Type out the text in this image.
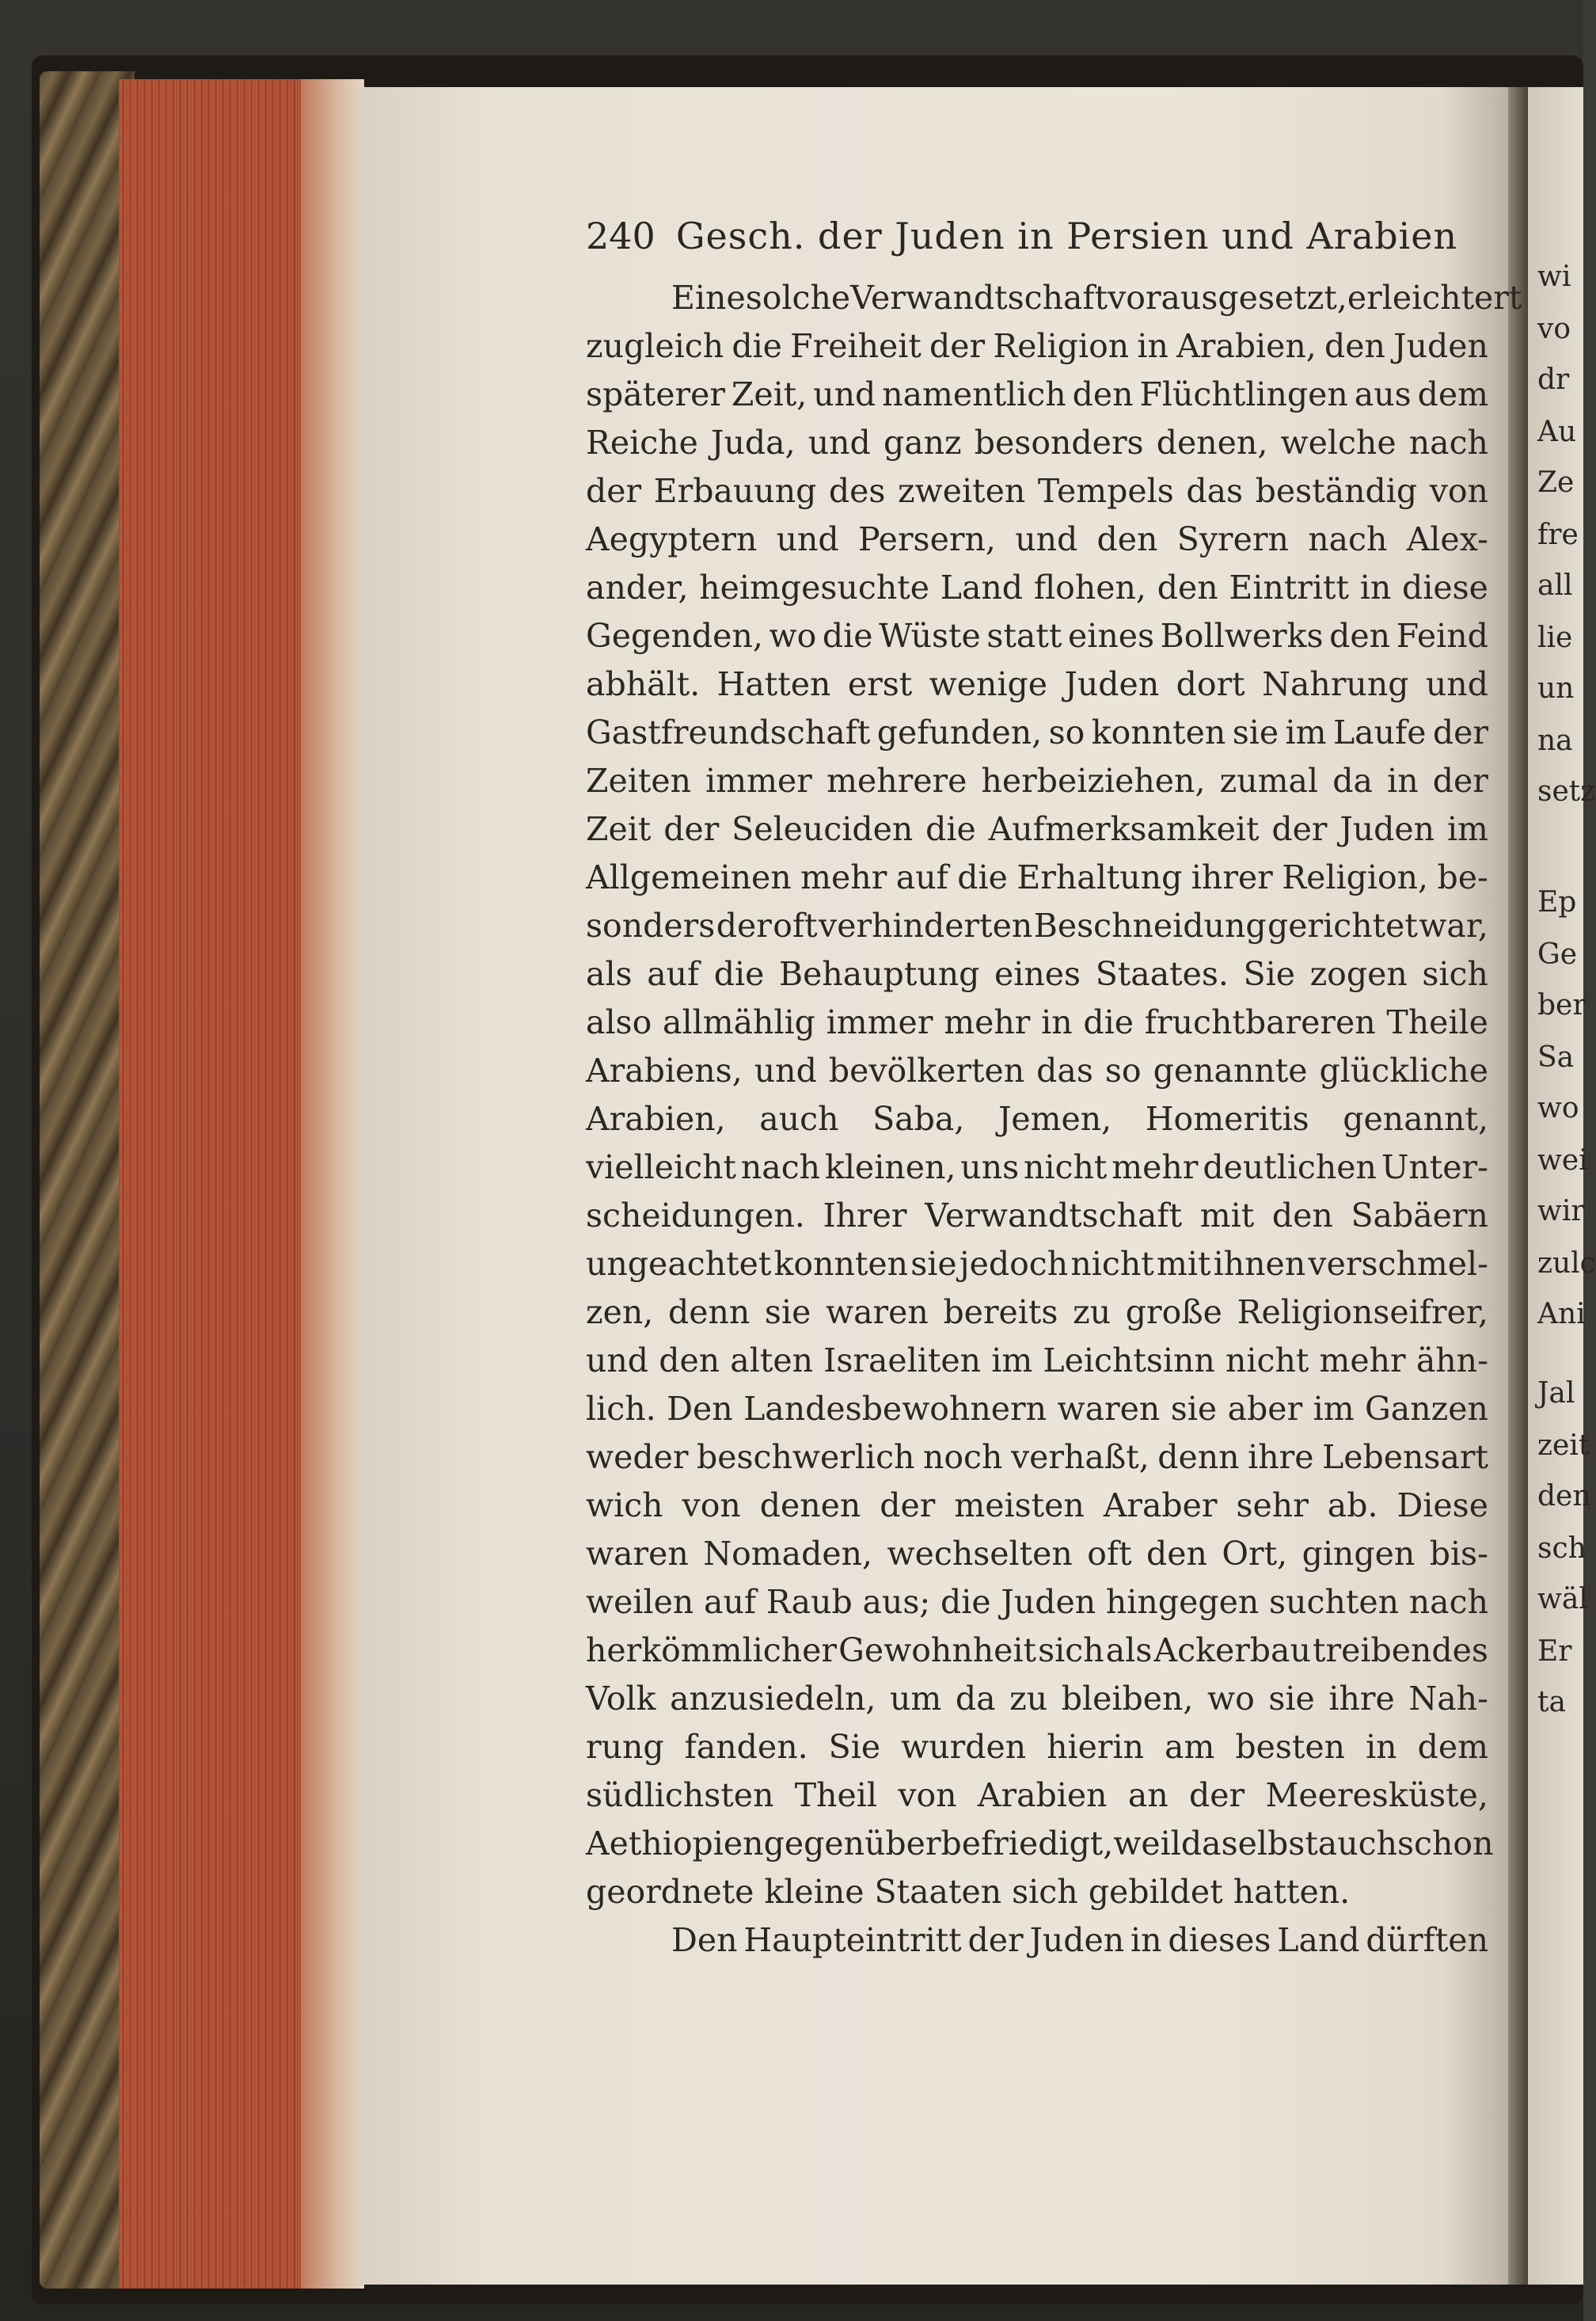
240 Gesch. der Juden in Persien und Arabien
Eine solche Verwandtschaft vorausgesetzt, erleichtert
zugleich die Freiheit der Religion in Arabien, den Juden
späterer Zeit, und namentlich den Flüchtlingen aus dem
Reiche Juda, und ganz besonders denen, welche nach
der Erbauung des zweiten Tempels das beständig von
Aegyptern und Persern, und den Syrern nach Alex-
ander, heimgesuchte Land flohen, den Eintritt in diese
Gegenden, wo die Wüste statt eines Bollwerks den Feind
abhält. Hatten erst wenige Juden dort Nahrung und
Gastfreundschaft gefunden, so konnten sie im Laufe der
Zeiten immer mehrere herbeiziehen, zumal da in der
Zeit der Seleuciden die Aufmerksamkeit der Juden im
Allgemeinen mehr auf die Erhaltung ihrer Religion, be-
sonders der oft verhinderten Beschneidung gerichtet war,
als auf die Behauptung eines Staates. Sie zogen sich
also allmählig immer mehr in die fruchtbareren Theile
Arabiens, und bevölkerten das so genannte glückliche
Arabien, auch Saba, Jemen, Homeritis genannt,
vielleicht nach kleinen, uns nicht mehr deutlichen Unter-
scheidungen. Ihrer Verwandtschaft mit den Sabäern
ungeachtet konnten sie jedoch nicht mit ihnen verschmel-
zen, denn sie waren bereits zu große Religionseifrer,
und den alten Israeliten im Leichtsinn nicht mehr ähn-
lich. Den Landesbewohnern waren sie aber im Ganzen
weder beschwerlich noch verhaßt, denn ihre Lebensart
wich von denen der meisten Araber sehr ab. Diese
waren Nomaden, wechselten oft den Ort, gingen bis-
weilen auf Raub aus; die Juden hingegen suchten nach
herkömmlicher Gewohnheit sich als Ackerbau treibendes
Volk anzusiedeln, um da zu bleiben, wo sie ihre Nah-
rung fanden. Sie wurden hierin am besten in dem
südlichsten Theil von Arabien an der Meeresküste,
Aethiopien gegenüber befriedigt, weil daselbst auch schon
geordnete kleine Staaten sich gebildet hatten.
Den Haupteintritt der Juden in dieses Land dürften
wi
vo
dr
Au
Ze
fre
all
lie
un
na
setz
Ep
Ge
ber
Sa
wo
wei
wir
zulc
Ani
Jal
zeit
den
sch
wäl
Er
ta
